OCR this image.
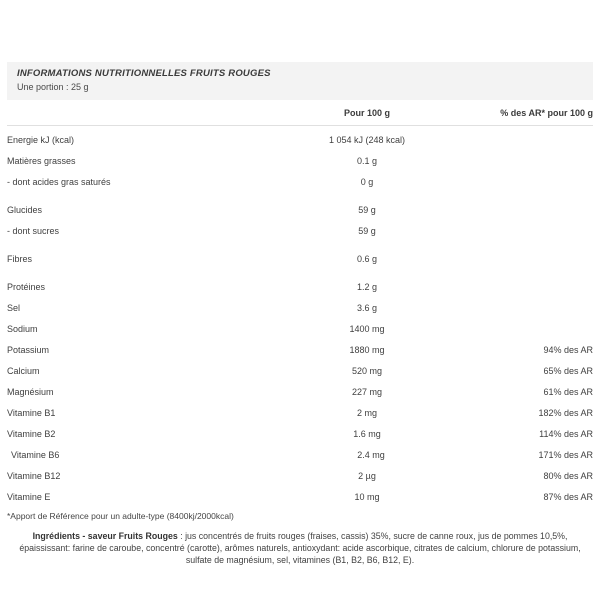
INFORMATIONS NUTRITIONNELLES FRUITS ROUGES
Une portion : 25 g
Pour 100 g	% des AR* pour 100 g
Energie kJ (kcal)	1 054 kJ (248 kcal)
Matières grasses	0.1 g
- dont acides gras saturés	0 g
Glucides	59 g
- dont sucres	59 g
Fibres	0.6 g
Protéines	1.2 g
Sel	3.6 g
Sodium	1400 mg
Potassium	1880 mg	94% des AR
Calcium	520 mg	65% des AR
Magnésium	227 mg	61% des AR
Vitamine B1	2 mg	182% des AR
Vitamine B2	1.6 mg	114% des AR
Vitamine B6	2.4 mg	171% des AR
Vitamine B12	2 µg	80% des AR
Vitamine E	10 mg	87% des AR
*Apport de Référence pour un adulte-type (8400kj/2000kcal)

Ingrédients - saveur Fruits Rouges : jus concentrés de fruits rouges (fraises, cassis) 35%, sucre de canne roux, jus de pommes 10,5%, épaississant: farine de caroube, concentré (carotte), arômes naturels, antioxydant: acide ascorbique, citrates de calcium, chlorure de potassium, sulfate de magnésium, sel, vitamines (B1, B2, B6, B12, E).
